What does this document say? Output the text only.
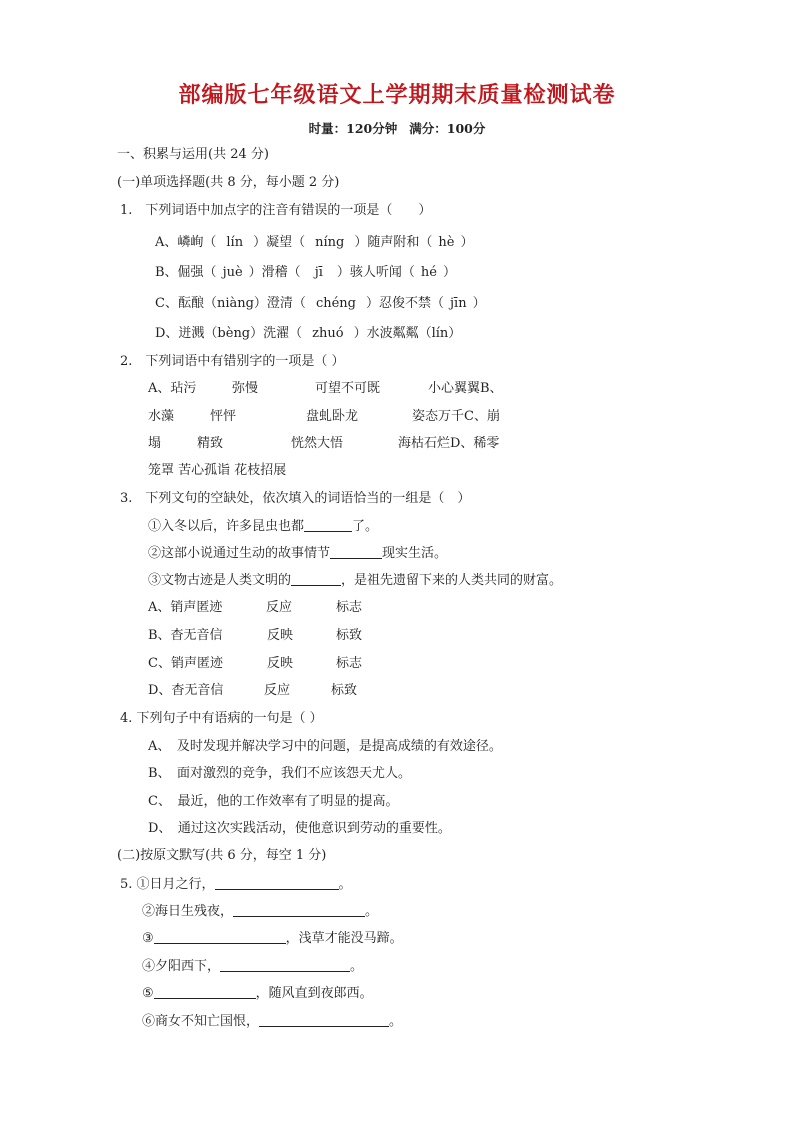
部编版七年级语文上学期期末质量检测试卷
时量：120分钟 满分：100分
一、积累与运用(共 24 分)
(一)单项选择题(共 8 分，每小题 2 分)
1.　下列词语中加点字的注音有错误的一项是（　　）
A、嶙峋（ lín ）凝望（ níng ）随声附和（ hè ）
B、倔强（ juè ）滑稽（ jī ）骇人听闻（ hé ）
C、酝酿（niàng）澄清（ chéng ）忍俊不禁（ jīn ）
D、迸溅（bèng）洗濯（ zhuó ）水波粼粼（lín）
2.　下列词语中有错别字的一项是（ ）
A、玷污	弥慢	可望不可既	小心翼翼B、
水藻	怦怦	盘虬卧龙	姿态万千C、崩
塌	精致	恍然大悟	海枯石烂D、稀零
笼罩 苦心孤诣 花枝招展
3.　下列文句的空缺处，依次填入的词语恰当的一组是（　）
①入冬以后，许多昆虫也都	了。
②这部小说通过生动的故事情节	现实生活。
③文物古迹是人类文明的	，是祖先遗留下来的人类共同的财富。
A、销声匿迹	反应	标志
B、杳无音信	反映	标致
C、销声匿迹	反映	标志
D、杳无音信	反应	标致
4. 下列句子中有语病的一句是（ ）
A、　及时发现并解决学习中的问题，是提高成绩的有效途径。
B、　面对激烈的竞争，我们不应该怨天尤人。
C、　最近，他的工作效率有了明显的提高。
D、　通过这次实践活动，使他意识到劳动的重要性。
(二)按原文默写(共 6 分，每空 1 分)
5. ①日月之行，	。
②海日生残夜，	。
③	，浅草才能没马蹄。
④夕阳西下，	。
⑤	，随风直到夜郎西。
⑥商女不知亡国恨，	。
